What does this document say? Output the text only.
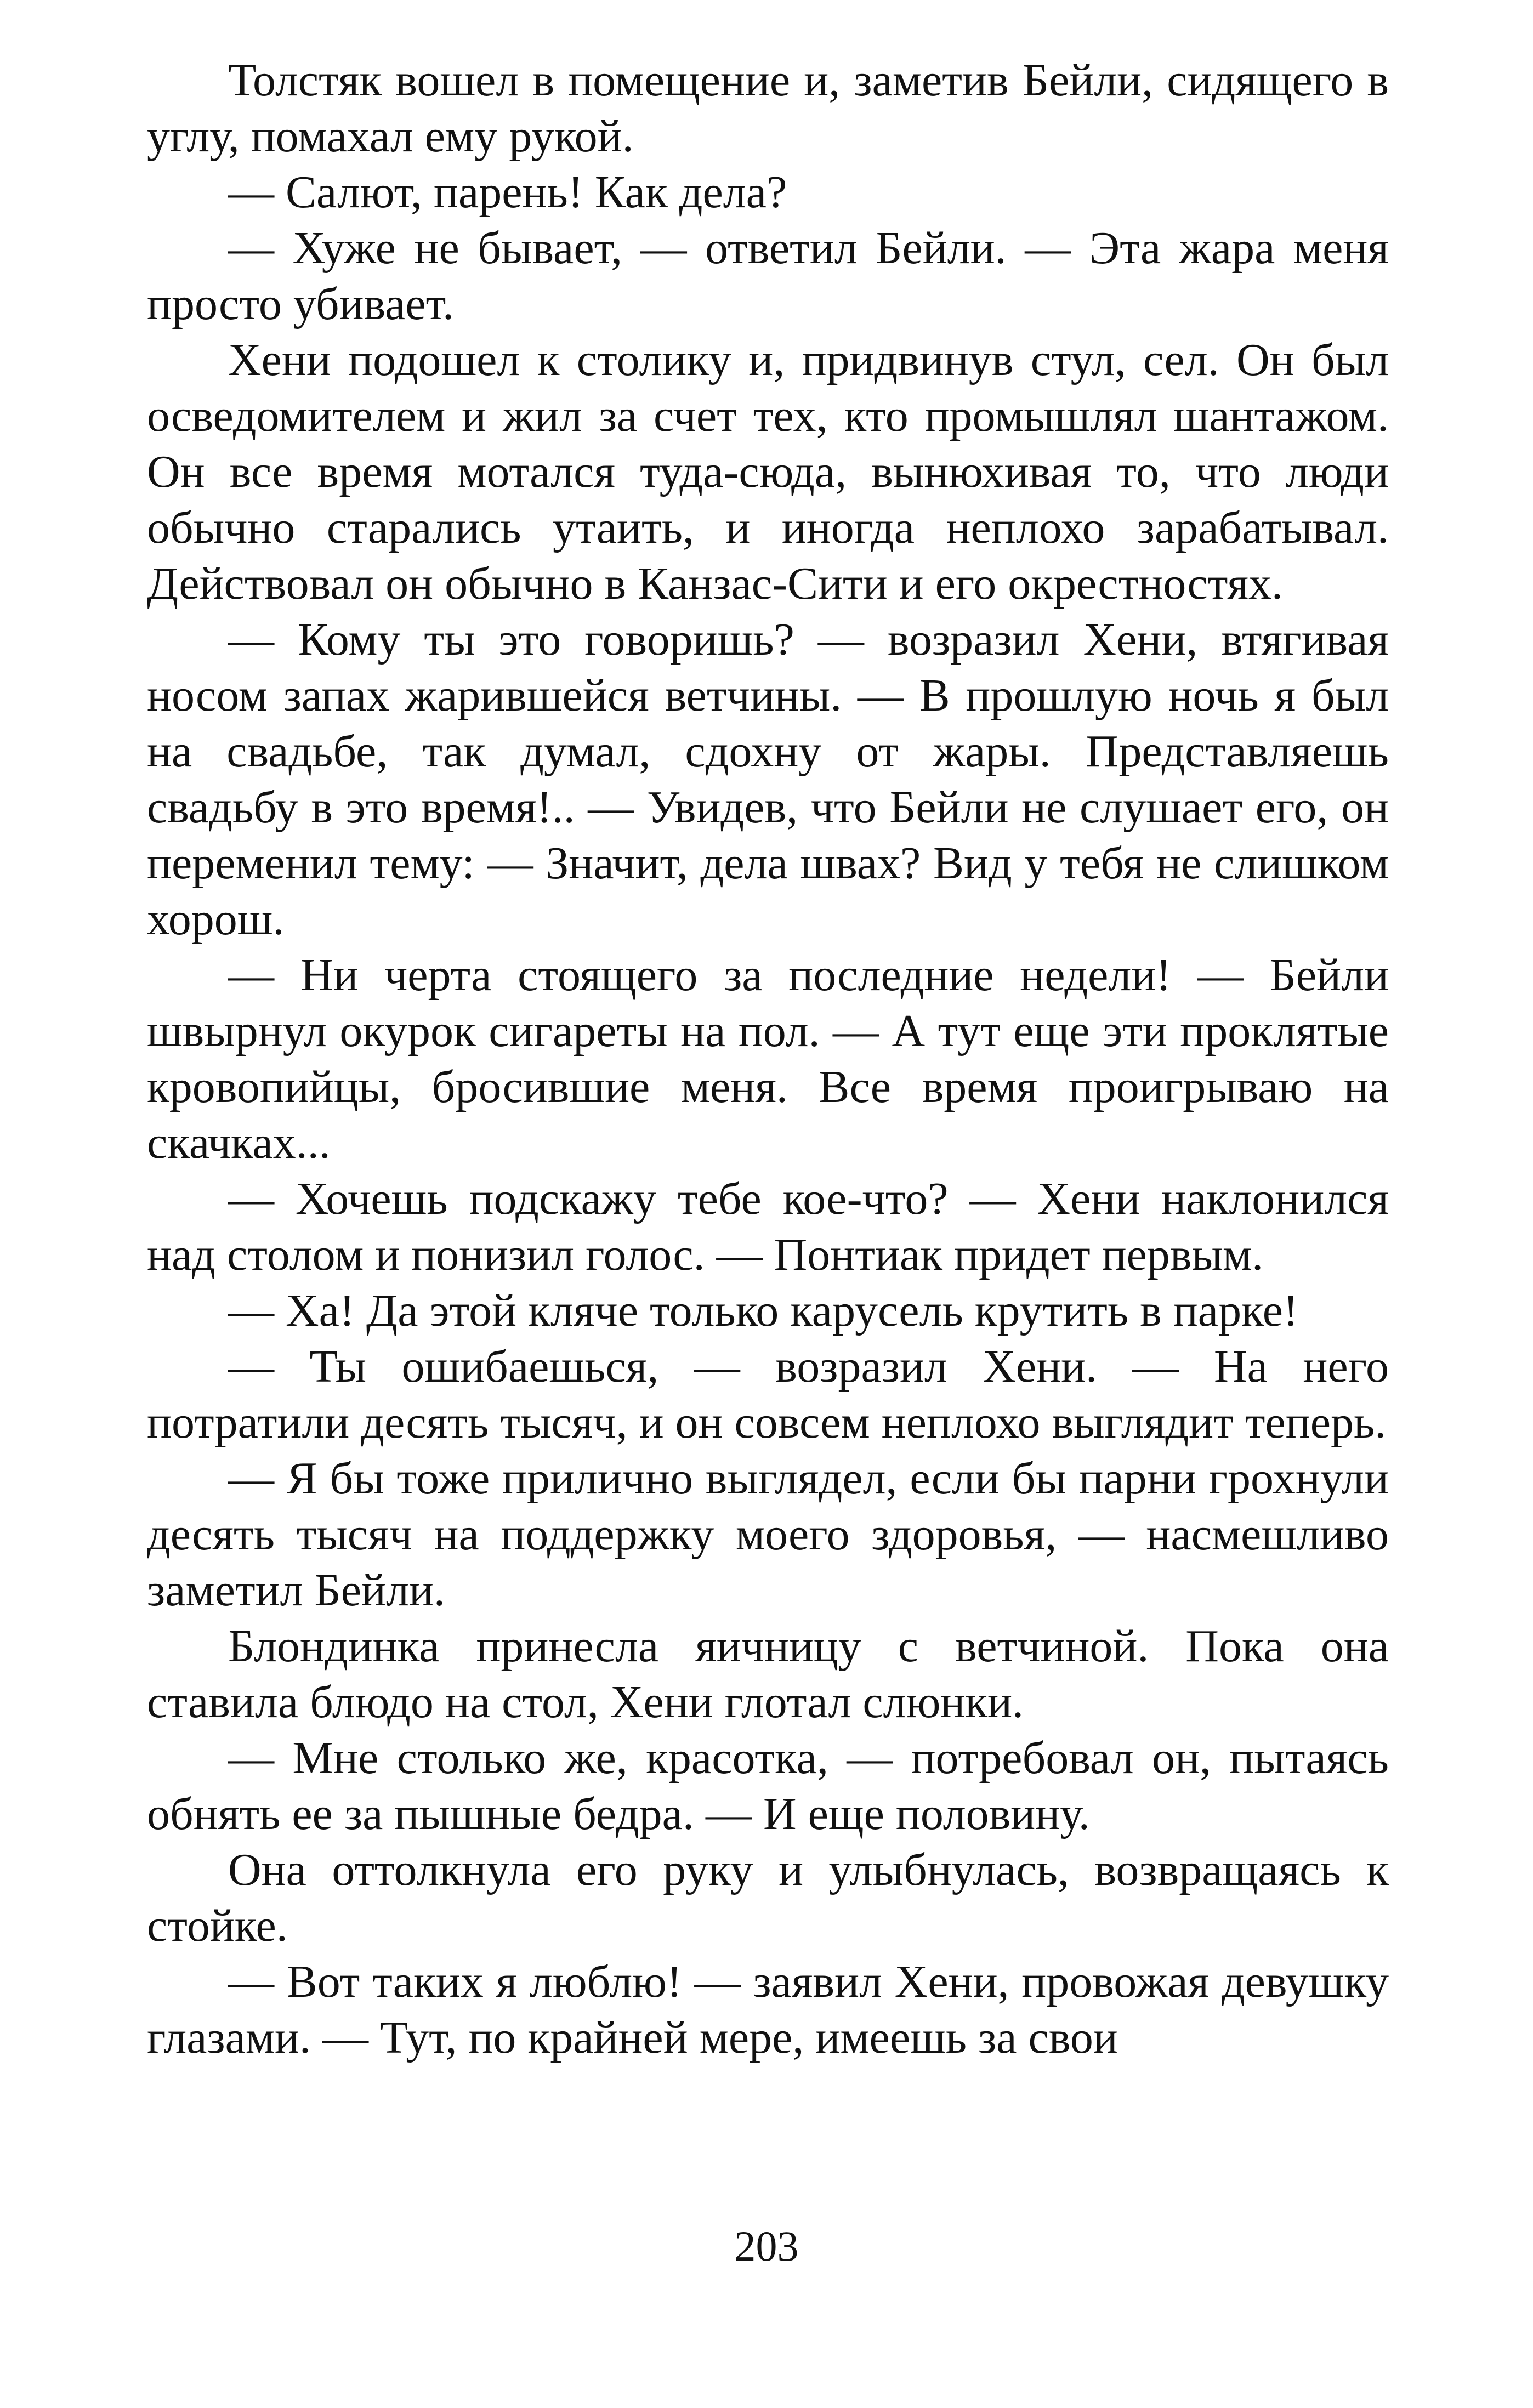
Толстяк вошел в помещение и, заметив Бейли, сидящего в углу, помахал ему рукой.

— Салют, парень! Как дела?

— Хуже не бывает, — ответил Бейли. — Эта жара меня просто убивает.

Хени подошел к столику и, придвинув стул, сел. Он был осведомителем и жил за счет тех, кто промышлял шантажом. Он все время мотался туда-сюда, вынюхивая то, что люди обычно старались утаить, и иногда неплохо зарабатывал. Действовал он обычно в Канзас-Сити и его окрестностях.

— Кому ты это говоришь? — возразил Хени, втягивая носом запах жарившейся ветчины. — В прошлую ночь я был на свадьбе, так думал, сдохну от жары. Представляешь свадьбу в это время!.. — Увидев, что Бейли не слушает его, он переменил тему: — Значит, дела швах? Вид у тебя не слишком хорош.

— Ни черта стоящего за последние недели! — Бейли швырнул окурок сигареты на пол. — А тут еще эти проклятые кровопийцы, бросившие меня. Все время проигрываю на скачках...

— Хочешь подскажу тебе кое-что? — Хени наклонился над столом и понизил голос. — Понтиак придет первым.

— Ха! Да этой кляче только карусель крутить в парке!

— Ты ошибаешься, — возразил Хени. — На него потратили десять тысяч, и он совсем неплохо выглядит теперь.

— Я бы тоже прилично выглядел, если бы парни грохнули десять тысяч на поддержку моего здоровья, — насмешливо заметил Бейли.

Блондинка принесла яичницу с ветчиной. Пока она ставила блюдо на стол, Хени глотал слюнки.

— Мне столько же, красотка, — потребовал он, пытаясь обнять ее за пышные бедра. — И еще половину.

Она оттолкнула его руку и улыбнулась, возвращаясь к стойке.

— Вот таких я люблю! — заявил Хени, провожая девушку глазами. — Тут, по крайней мере, имеешь за свои

203
